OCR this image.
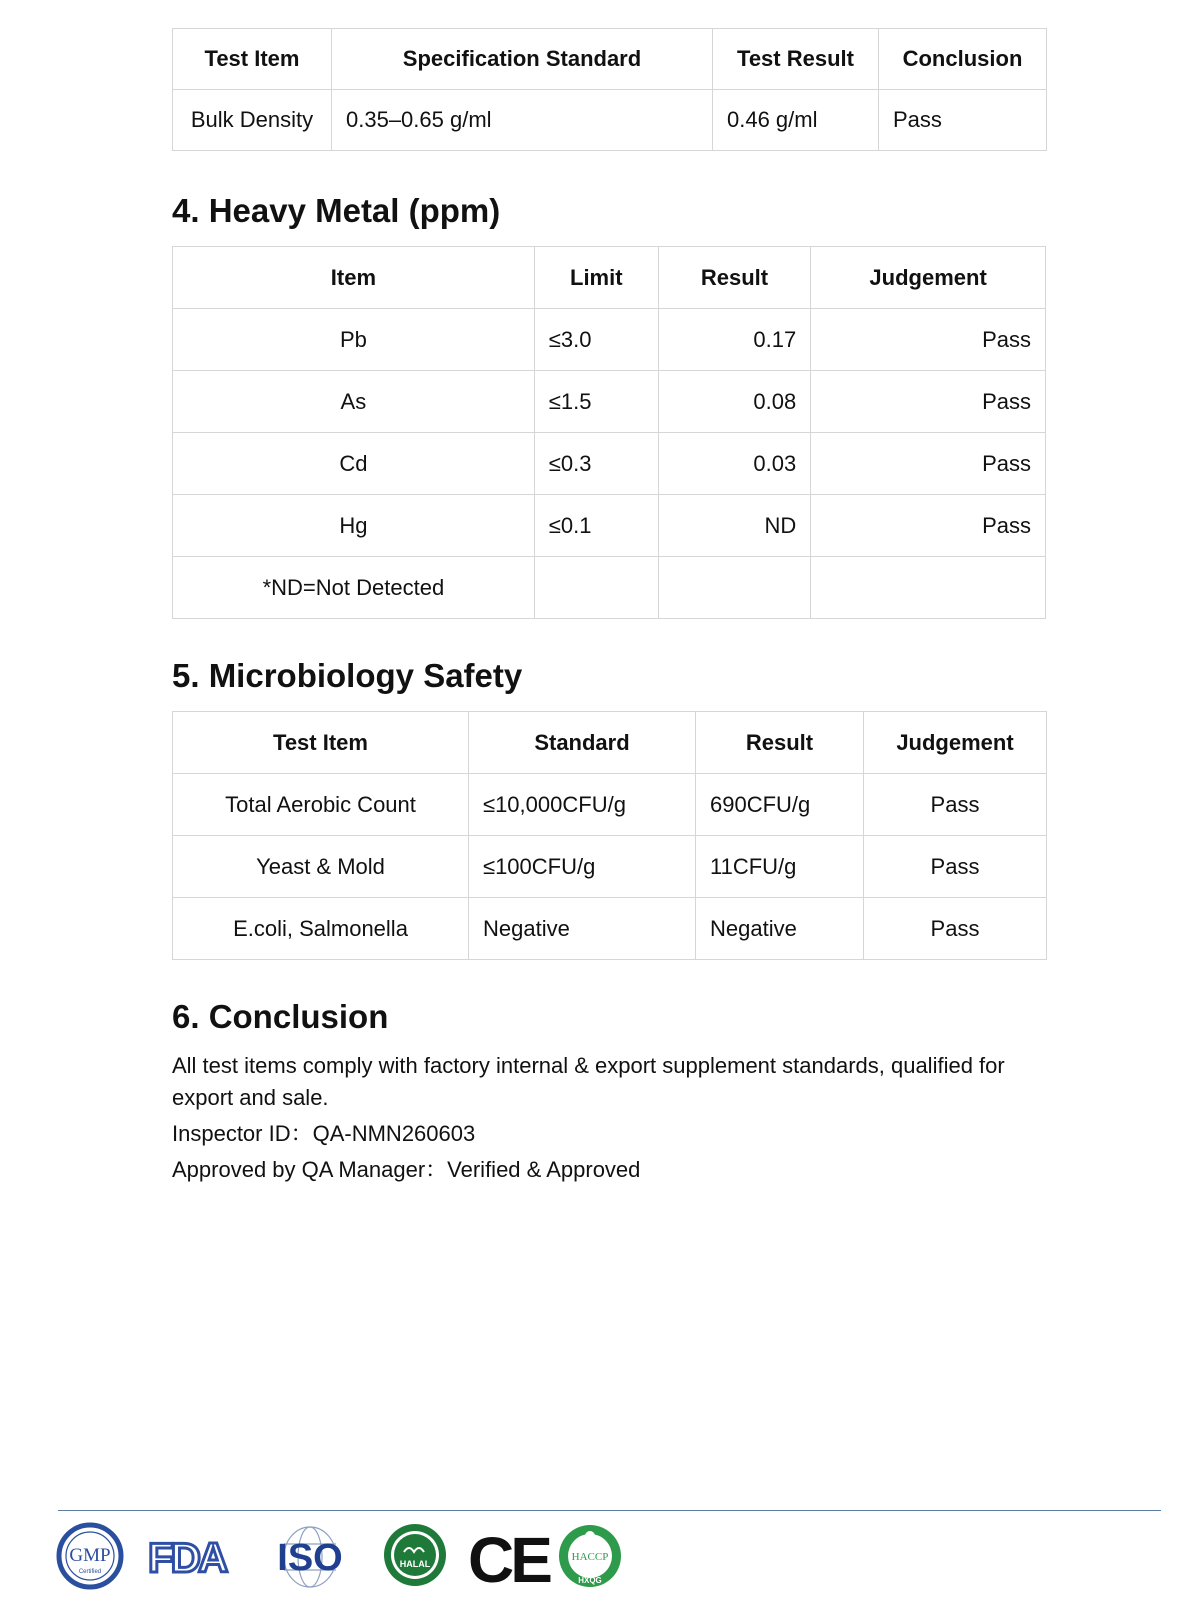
Test Item	Specification Standard	Test Result	Conclusion
Bulk Density	0.35–0.65 g/ml	0.46 g/ml	Pass
4. Heavy Metal (ppm)
Item	Limit	Result	Judgement
Pb	≤3.0	0.17	Pass
As	≤1.5	0.08	Pass
Cd	≤0.3	0.03	Pass
Hg	≤0.1	ND	Pass
*ND=Not Detected			
5. Microbiology Safety
Test Item	Standard	Result	Judgement
Total Aerobic Count	≤10,000CFU/g	690CFU/g	Pass
Yeast & Mold	≤100CFU/g	11CFU/g	Pass
E.coli, Salmonella	Negative	Negative	Pass
6. Conclusion

All test items comply with factory internal & export supplement standards, qualified for export and sale.

Inspector ID：QA-NMN260603

Approved by QA Manager：Verified & Approved

GMP
Certified FDA ISO	HALAL CE HACCP
HXQG
